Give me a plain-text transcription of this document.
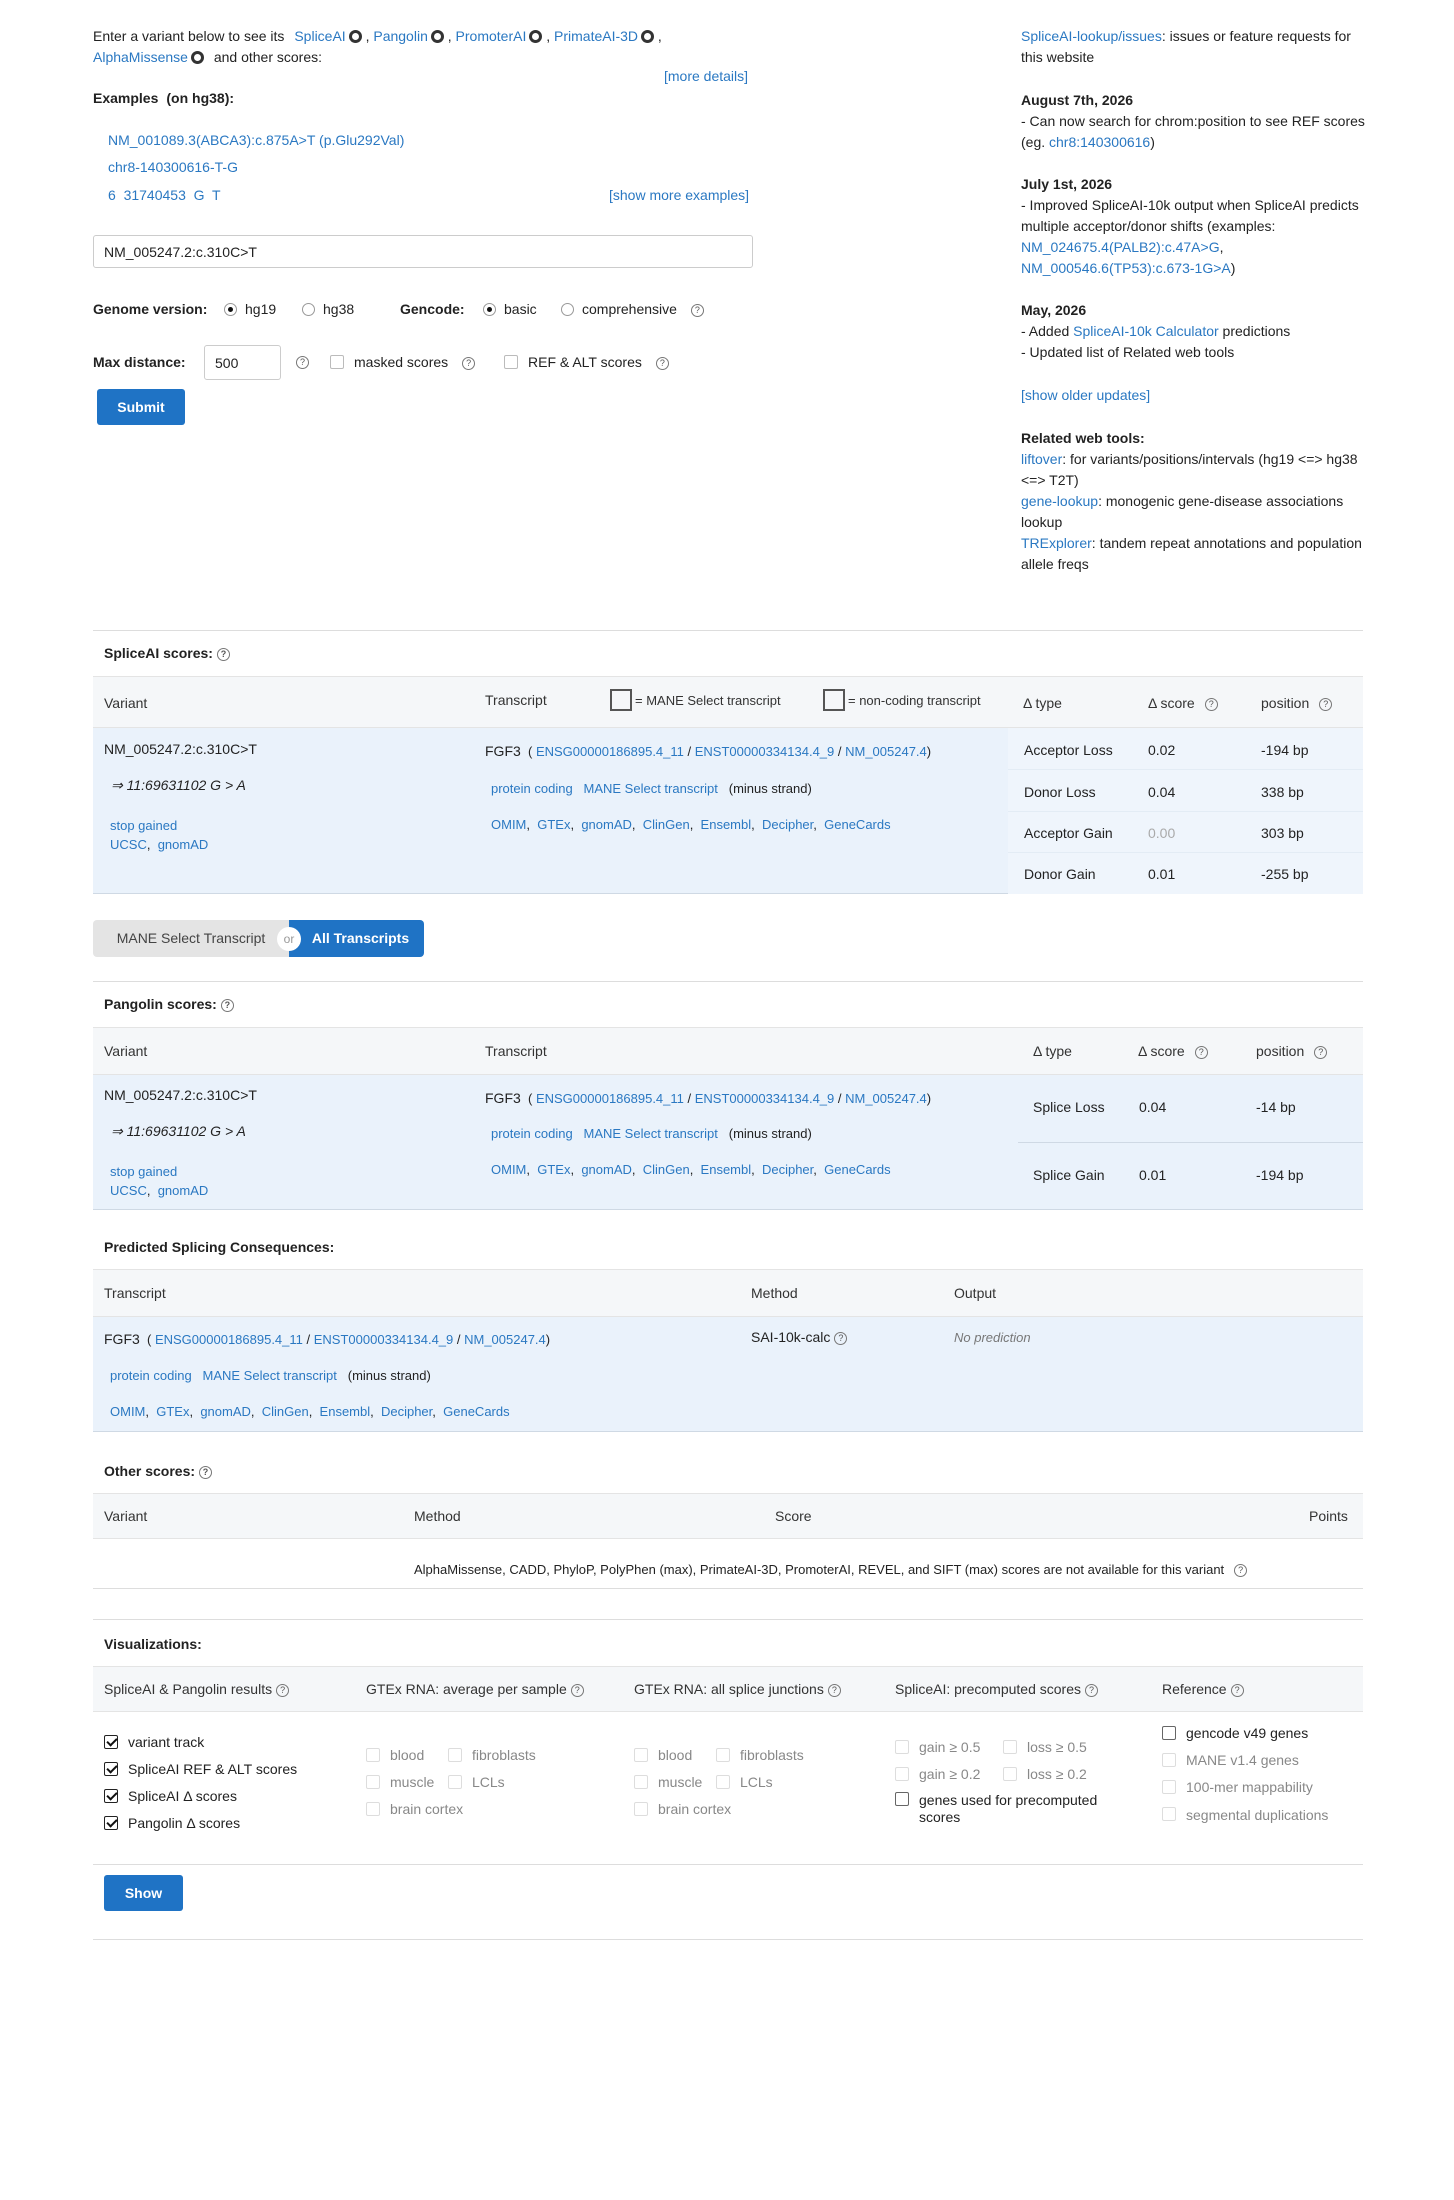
Enter a variant below to see its SpliceAI , Pangolin , PromoterAI , PrimateAI-3D ,
AlphaMissense and other scores:
[more details]
Examples (on hg38):
NM_001089.3(ABCA3):c.875A>T (p.Glu292Val)
chr8-140300616-T-G
6  31740453  G  T	[show more examples]
NM_005247.2:c.310C>T
Genome version:	hg19	hg38	Gencode:	basic	comprehensive ?
Max distance:
500	?	masked scores ?	REF & ALT scores ?
Submit
SpliceAI-lookup/issues: issues or feature requests for this website
August 7th, 2026
- Can now search for chrom:position to see REF scores (eg. chr8:140300616)
July 1st, 2026
- Improved SpliceAI-10k output when SpliceAI predicts multiple acceptor/donor shifts (examples:
NM_024675.4(PALB2):c.47A>G,
NM_000546.6(TP53):c.673-1G>A)
May, 2026
- Added SpliceAI-10k Calculator predictions
- Updated list of Related web tools
[show older updates]
Related web tools:
liftover: for variants/positions/intervals (hg19 <=> hg38 <=> T2T)
gene-lookup: monogenic gene-disease associations lookup
TRExplorer: tandem repeat annotations and population allele freqs
SpliceAI scores: ?
Variant	Transcript	= MANE Select transcript	= non-coding transcript	Δ type	Δ score ?	position ?
NM_005247.2:c.310C>T
⇒ 11:69631102 G > A
stop gained
UCSC,  gnomAD
FGF3  ( ENSG00000186895.4_11 / ENST00000334134.4_9 / NM_005247.4)
protein coding MANE Select transcript (minus strand)
OMIM,  GTEx,  gnomAD,  ClinGen,  Ensembl,  Decipher,  GeneCards
Acceptor Loss	0.02	-194 bp
Donor Loss	0.04	338 bp
Acceptor Gain	0.00	303 bp
Donor Gain	0.01	-255 bp
MANE Select Transcript	or	All Transcripts
Pangolin scores: ?
Variant	Transcript	Δ type	Δ score ?	position ?
NM_005247.2:c.310C>T
⇒ 11:69631102 G > A
stop gained
UCSC,  gnomAD
FGF3  ( ENSG00000186895.4_11 / ENST00000334134.4_9 / NM_005247.4)
protein coding MANE Select transcript (minus strand)
OMIM,  GTEx,  gnomAD,  ClinGen,  Ensembl,  Decipher,  GeneCards
Splice Loss 0.04	-14 bp
Splice Gain 0.01	-194 bp
Predicted Splicing Consequences:
Transcript	Method	Output
FGF3  ( ENSG00000186895.4_11 / ENST00000334134.4_9 / NM_005247.4)
protein coding MANE Select transcript (minus strand)
OMIM,  GTEx,  gnomAD,  ClinGen,  Ensembl,  Decipher,  GeneCards
SAI-10k-calc ?	No prediction
Other scores: ?
Variant	Method	Score	Points
AlphaMissense, CADD, PhyloP, PolyPhen (max), PrimateAI-3D, PromoterAI, REVEL, and SIFT (max) scores are not available for this variant ?
Visualizations:
SpliceAI & Pangolin results ?	GTEx RNA: average per sample ?	GTEx RNA: all splice junctions ?	SpliceAI: precomputed scores ?	Reference ?
variant track
SpliceAI REF & ALT scores
SpliceAI Δ scores
Pangolin Δ scores
blood	fibroblasts
muscle	LCLs
brain cortex
blood	fibroblasts
muscle	LCLs
brain cortex
gain ≥ 0.5	loss ≥ 0.5
gain ≥ 0.2	loss ≥ 0.2
genes used for precomputed scores
gencode v49 genes
MANE v1.4 genes
100-mer mappability
segmental duplications
Show
